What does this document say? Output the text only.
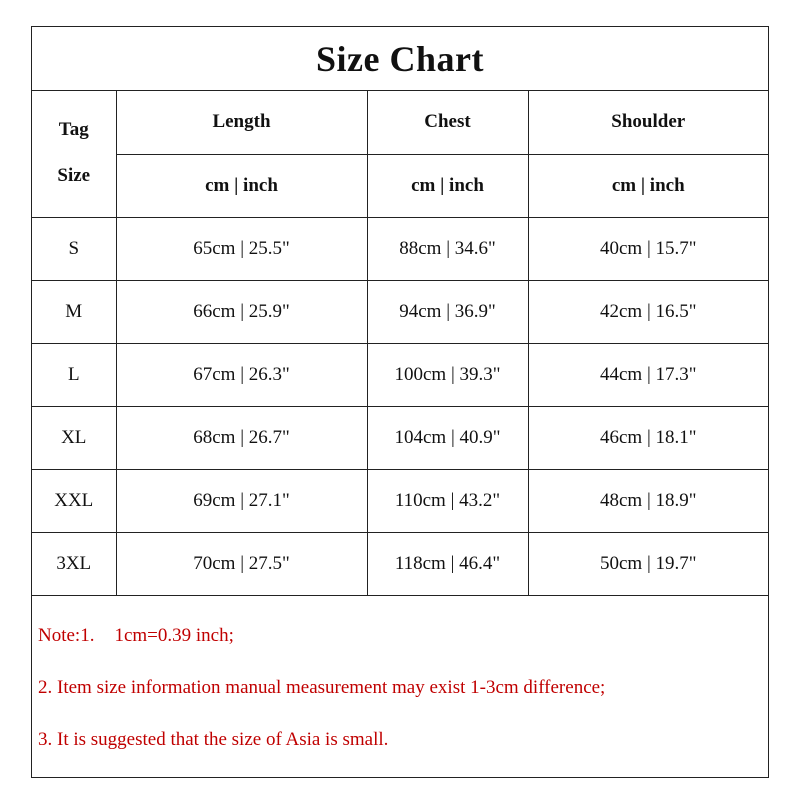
Size Chart
Tag
Size	Length	Chest	Shoulder
	cm | inch	cm | inch	cm | inch
S	65cm | 25.5"	88cm | 34.6"	40cm | 15.7"
M	66cm | 25.9"	94cm | 36.9"	42cm | 16.5"
L	67cm | 26.3"	100cm | 39.3"	44cm | 17.3"
XL	68cm | 26.7"	104cm | 40.9"	46cm | 18.1"
XXL	69cm | 27.1"	110cm | 43.2"	48cm | 18.9"
3XL	70cm | 27.5"	118cm | 46.4"	50cm | 19.7"
Note:1. 1cm=0.39 inch;
2. Item size information manual measurement may exist 1-3cm difference;
3. It is suggested that the size of Asia is small.
